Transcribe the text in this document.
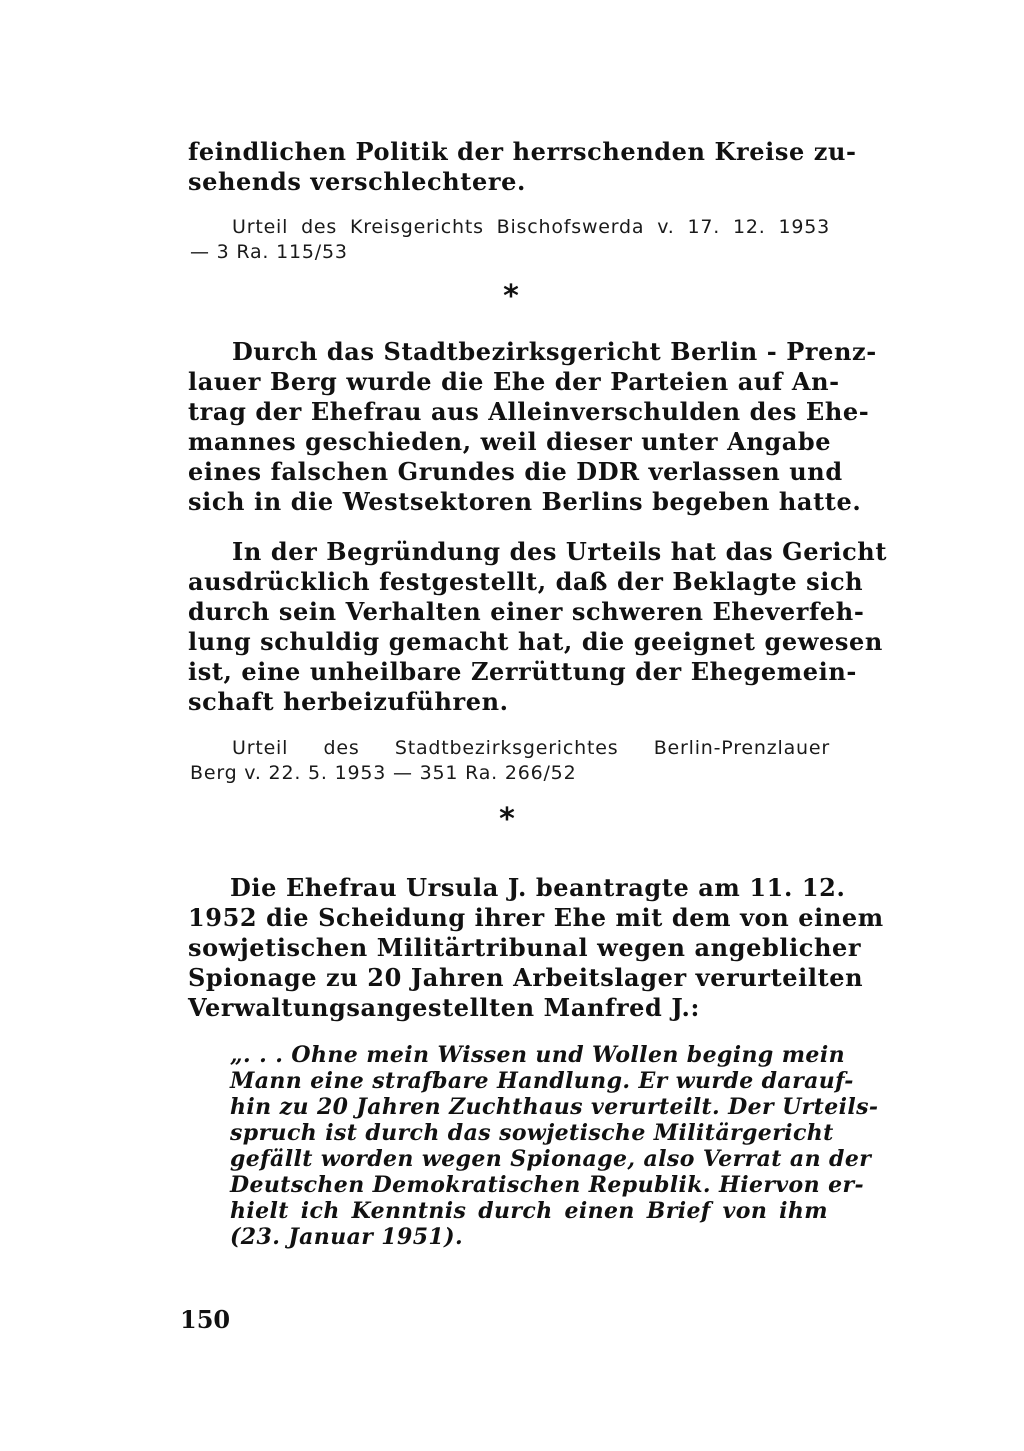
feindlichen Politik der herrschenden Kreise zu-
sehends verschlechtere.
Urteil des Kreisgerichts Bischofswerda v. 17. 12. 1953
— 3 Ra. 115/53
*
Durch das Stadtbezirksgericht Berlin - Prenz-
lauer Berg wurde die Ehe der Parteien auf An-
trag der Ehefrau aus Alleinverschulden des Ehe-
mannes geschieden, weil dieser unter Angabe
eines falschen Grundes die DDR verlassen und
sich in die Westsektoren Berlins begeben hatte.
In der Begründung des Urteils hat das Gericht
ausdrücklich festgestellt, daß der Beklagte sich
durch sein Verhalten einer schweren Eheverfeh-
lung schuldig gemacht hat, die geeignet gewesen
ist, eine unheilbare Zerrüttung der Ehegemein-
schaft herbeizuführen.
Urteil des Stadtbezirksgerichtes Berlin-Prenzlauer
Berg v. 22. 5. 1953 — 351 Ra. 266/52
*
Die Ehefrau Ursula J. beantragte am 11. 12.
1952 die Scheidung ihrer Ehe mit dem von einem
sowjetischen Militärtribunal wegen angeblicher
Spionage zu 20 Jahren Arbeitslager verurteilten
Verwaltungsangestellten Manfred J.:
„. . . Ohne mein Wissen und Wollen beging mein
Mann eine strafbare Handlung. Er wurde darauf-
hin zu 20 Jahren Zuchthaus verurteilt. Der Urteils-
spruch ist durch das sowjetische Militärgericht
gefällt worden wegen Spionage, also Verrat an der
Deutschen Demokratischen Republik. Hiervon er-
hielt ich Kenntnis durch einen Brief von ihm
(23. Januar 1951).
150
